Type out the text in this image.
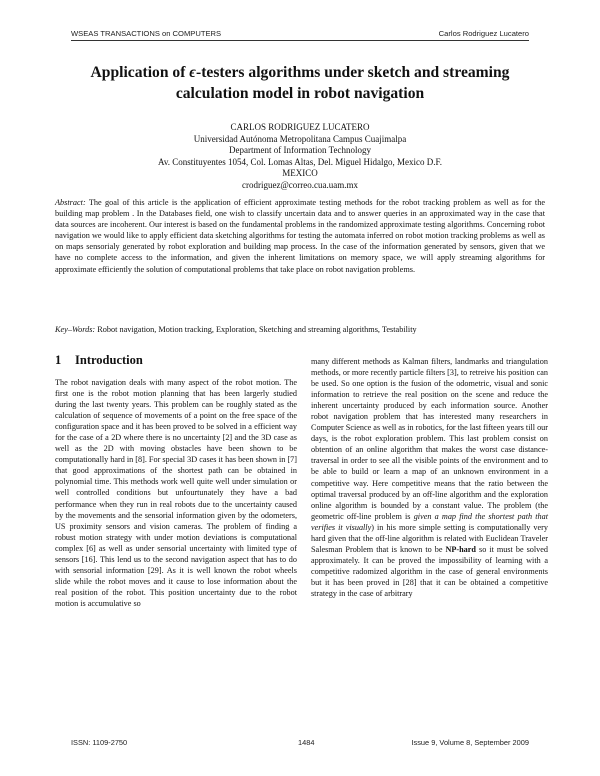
WSEAS TRANSACTIONS on COMPUTERS	Carlos Rodriguez Lucatero
Application of ϵ-testers algorithms under sketch and streaming calculation model in robot navigation
CARLOS RODRIGUEZ LUCATERO
Universidad Autónoma Metropolitana Campus Cuajimalpa
Department of Information Technology
Av. Constituyentes 1054, Col. Lomas Altas, Del. Miguel Hidalgo, Mexico D.F.
MEXICO
crodriguez@correo.cua.uam.mx

Abstract: The goal of this article is the application of efficient approximate testing methods for the robot tracking problem as well as for the building map problem . In the Databases field, one wish to classify uncertain data and to answer queries in an approximated way in the case that data sources are incoherent. Our interest is based on the fundamental problems in the randomized approximate testing algorithms. Concerning robot navigation we would like to apply efficient data sketching algorithms for testing the automata inferred on robot motion tracking problems as well as on maps sensorialy generated by robot exploration and building map process. In the case of the information generated by sensors, given that we have no complete access to the information, and given the inherent limitations on memory space, we will apply streaming algorithms for approximate efficiently the solution of computational problems that take place on robot navigation problems.

Key–Words: Robot navigation, Motion tracking, Exploration, Sketching and streaming algorithms, Testability
1 Introduction

The robot navigation deals with many aspect of the robot motion. The first one is the robot motion planning that has been largerly studied during the last twenty years. This problem can be roughly stated as the calculation of sequence of movements of a point on the free space of the configuration space and it has been proved to be solved in a efficient way for the case of a 2D where there is no uncertainty [2] and the 3D case as well as the 2D with moving obstacles have been shown to be computationally hard in [8]. For special 3D cases it has been shown in [7] that good approximations of the shortest path can be obtained in polynomial time. This methods work well quite well under simulation or well controlled conditions but unfourtunately they have a bad performance when they run in real robots due to the uncertainty caused by the movements and the sensorial information given by the odometers, US proximity sensors and vision cameras. The problem of finding a robust motion strategy with under motion deviations is computational complex [6] as well as under sensorial uncertainty with limited type of sensors [16]. This lend us to the second navigation aspect that has to do with sensorial information [29]. As it is well known the robot wheels slide while the robot moves and it cause to lose information about the real position of the robot. This position uncertainty due to the robot motion is accumulative so

many different methods as Kalman filters, landmarks and triangulation methods, or more recently particle filters [3], to retreive his position can be used. So one option is the fusion of the odometric, visual and sonic information to retrieve the real position on the scene and reduce the inherent uncertainty produced by each information source. Another robot navigation problem that has interested many researchers in Computer Science as well as in robotics, for the last fifteen years till our days, is the robot exploration problem. This last problem consist on obtention of an online algorithm that makes the worst case distance-traversal in order to see all the visible points of the environment and to be able to build or learn a map of an unknown environment in a competitive way. Here competitive means that the ratio between the optimal traversal produced by an off-line algorithm and the exploration online algorithm is bounded by a constant value. The problem (the geometric off-line problem is given a map find the shortest path that verifies it visually) in his more simple setting is computationally very hard given that the off-line algorithm is related with Euclidean Traveler Salesman Problem that is known to be NP-hard so it must be solved approximately. It can be proved the impossibility of learning with a competitive radomized algorithm in the case of general environments but it has been proved in [28] that it can be obtained a competitive strategy in the case of arbitrary

ISSN: 1109-2750	1484	Issue 9, Volume 8, September 2009
